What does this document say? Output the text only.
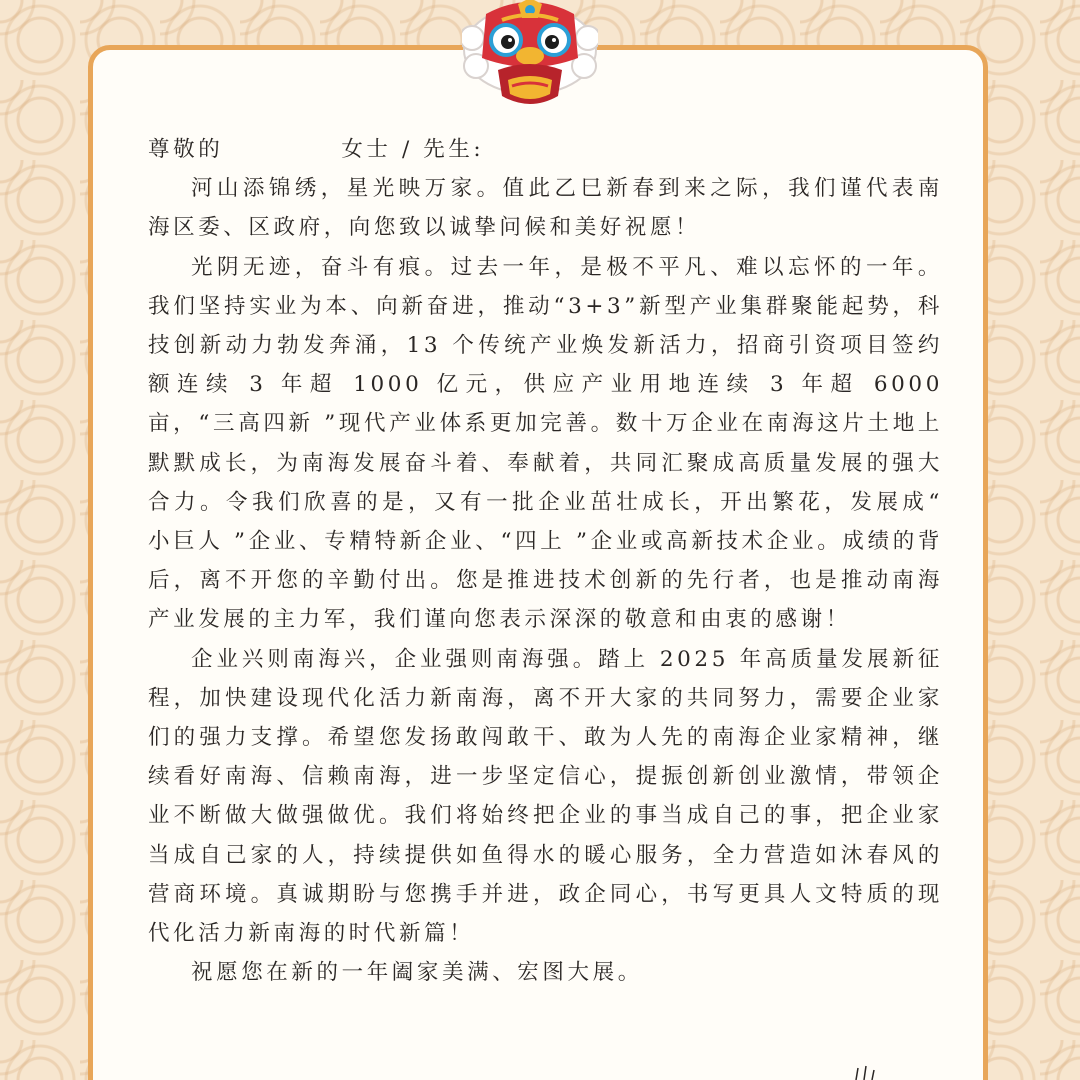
尊敬的	女士 / 先生:

河山添锦绣，星光映万家。值此乙巳新春到来之际，我们谨代表南海区委、区政府，向您致以诚挚问候和美好祝愿！

光阴无迹，奋斗有痕。过去一年，是极不平凡、难以忘怀的一年。我们坚持实业为本、向新奋进，推动“3+3”新型产业集群聚能起势，科技创新动力勃发奔涌，13 个传统产业焕发新活力，招商引资项目签约额连续 3 年超 1000 亿元，供应产业用地连续 3 年超 6000 亩，“三高四新 ”现代产业体系更加完善。数十万企业在南海这片土地上默默成长，为南海发展奋斗着、奉献着，共同汇聚成高质量发展的强大合力。令我们欣喜的是，又有一批企业茁壮成长，开出繁花，发展成“ 小巨人 ”企业、专精特新企业、“四上 ”企业或高新技术企业。成绩的背后，离不开您的辛勤付出。您是推进技术创新的先行者，也是推动南海产业发展的主力军，我们谨向您表示深深的敬意和由衷的感谢！

企业兴则南海兴，企业强则南海强。踏上 2025 年高质量发展新征程，加快建设现代化活力新南海，离不开大家的共同努力，需要企业家们的强力支撑。希望您发扬敢闯敢干、敢为人先的南海企业家精神，继续看好南海、信赖南海，进一步坚定信心，提振创新创业激情，带领企业不断做大做强做优。我们将始终把企业的事当成自己的事，把企业家当成自己家的人，持续提供如鱼得水的暖心服务，全力营造如沐春风的营商环境。真诚期盼与您携手并进，政企同心，书写更具人文特质的现代化活力新南海的时代新篇！

祝愿您在新的一年阖家美满、宏图大展。
